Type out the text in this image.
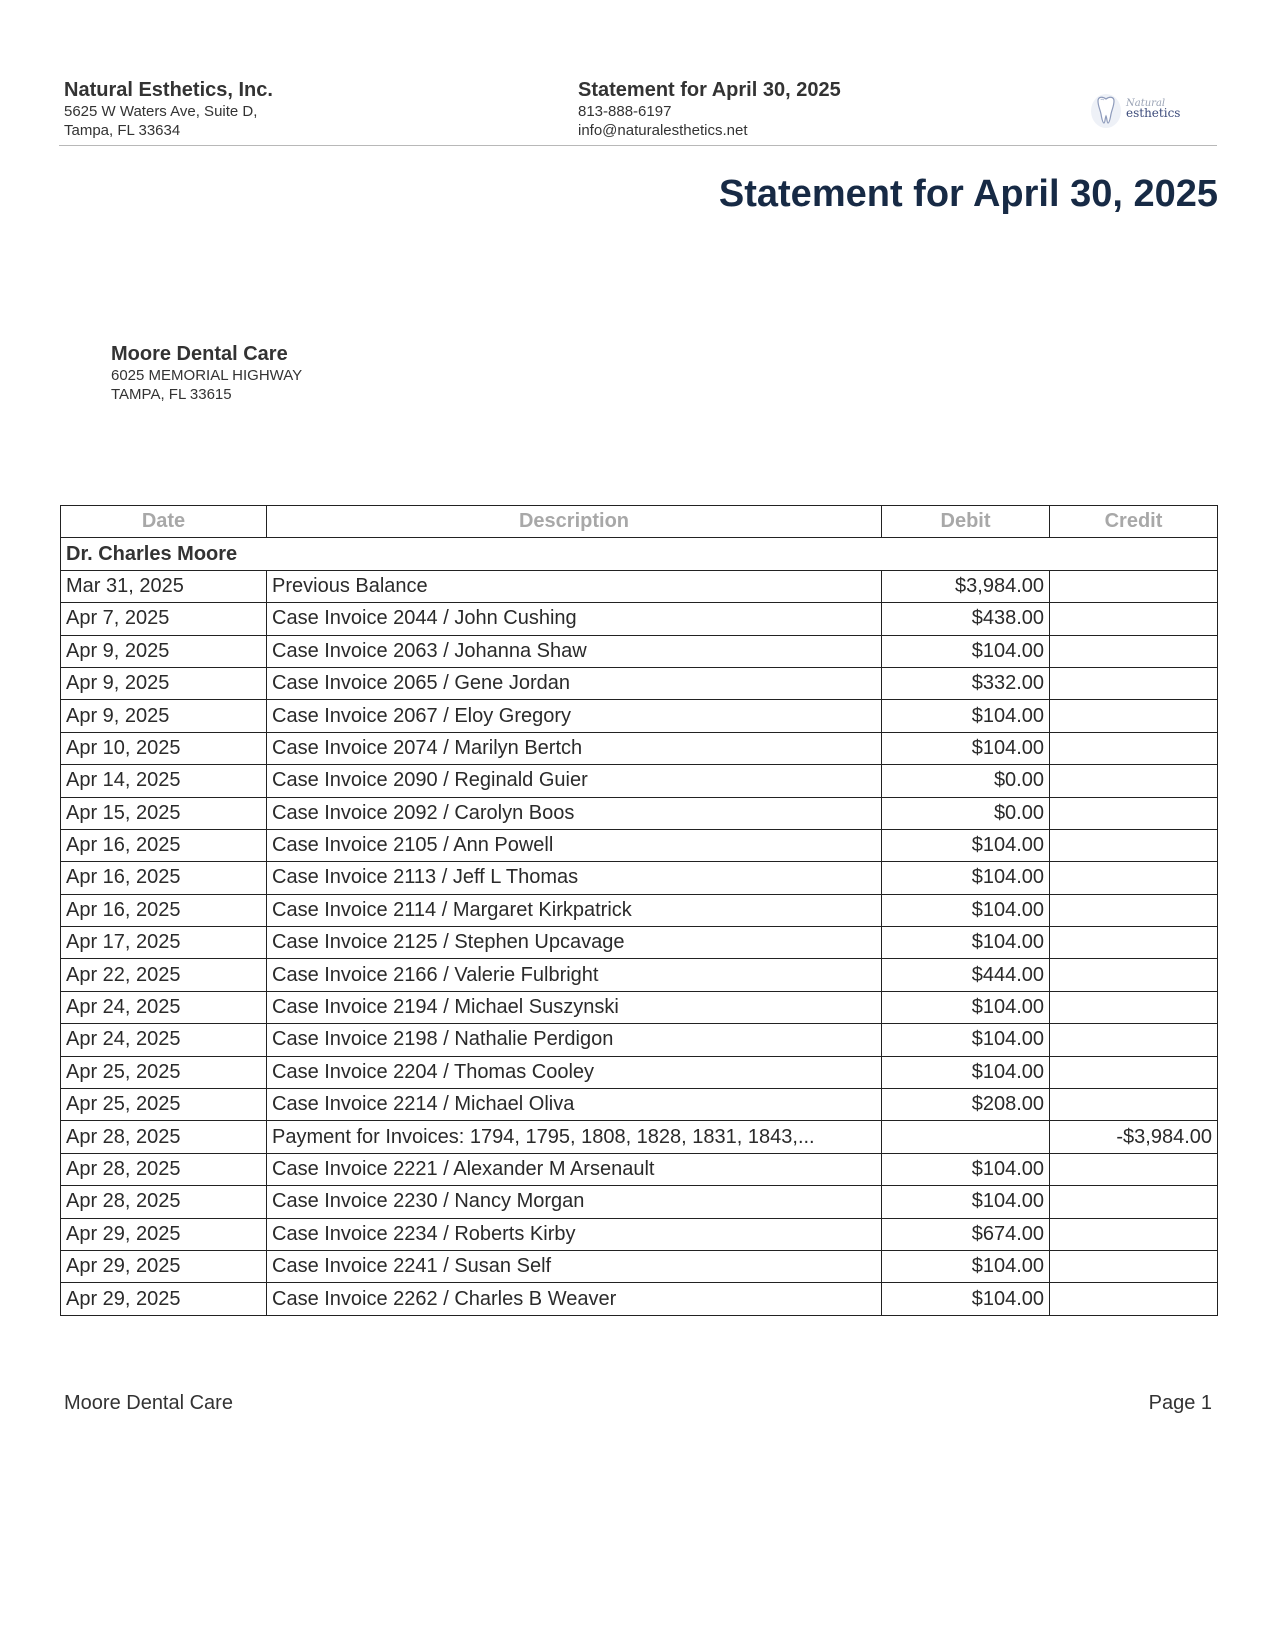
Natural Esthetics, Inc.
5625 W Waters Ave, Suite D,
Tampa, FL 33634
Statement for April 30, 2025
813-888-6197
info@naturalesthetics.net
Natural
esthetics
Statement for April 30, 2025
Moore Dental Care
6025 MEMORIAL HIGHWAY
TAMPA, FL 33615
Date	Description	Debit	Credit
Dr. Charles Moore			
Mar 31, 2025	Previous Balance	$3,984.00	
Apr 7, 2025	Case Invoice 2044 / John Cushing	$438.00	
Apr 9, 2025	Case Invoice 2063 / Johanna Shaw	$104.00	
Apr 9, 2025	Case Invoice 2065 / Gene Jordan	$332.00	
Apr 9, 2025	Case Invoice 2067 / Eloy Gregory	$104.00	
Apr 10, 2025	Case Invoice 2074 / Marilyn Bertch	$104.00	
Apr 14, 2025	Case Invoice 2090 / Reginald Guier	$0.00	
Apr 15, 2025	Case Invoice 2092 / Carolyn Boos	$0.00	
Apr 16, 2025	Case Invoice 2105 / Ann Powell	$104.00	
Apr 16, 2025	Case Invoice 2113 / Jeff L Thomas	$104.00	
Apr 16, 2025	Case Invoice 2114 / Margaret Kirkpatrick	$104.00	
Apr 17, 2025	Case Invoice 2125 / Stephen Upcavage	$104.00	
Apr 22, 2025	Case Invoice 2166 / Valerie Fulbright	$444.00	
Apr 24, 2025	Case Invoice 2194 / Michael Suszynski	$104.00	
Apr 24, 2025	Case Invoice 2198 / Nathalie Perdigon	$104.00	
Apr 25, 2025	Case Invoice 2204 / Thomas Cooley	$104.00	
Apr 25, 2025	Case Invoice 2214 / Michael Oliva	$208.00	
Apr 28, 2025	Payment for Invoices: 1794, 1795, 1808, 1828, 1831, 1843,...		-$3,984.00
Apr 28, 2025	Case Invoice 2221 / Alexander M Arsenault	$104.00	
Apr 28, 2025	Case Invoice 2230 / Nancy Morgan	$104.00	
Apr 29, 2025	Case Invoice 2234 / Roberts Kirby	$674.00	
Apr 29, 2025	Case Invoice 2241 / Susan Self	$104.00	
Apr 29, 2025	Case Invoice 2262 / Charles B Weaver	$104.00	
Moore Dental Care	Page 1
